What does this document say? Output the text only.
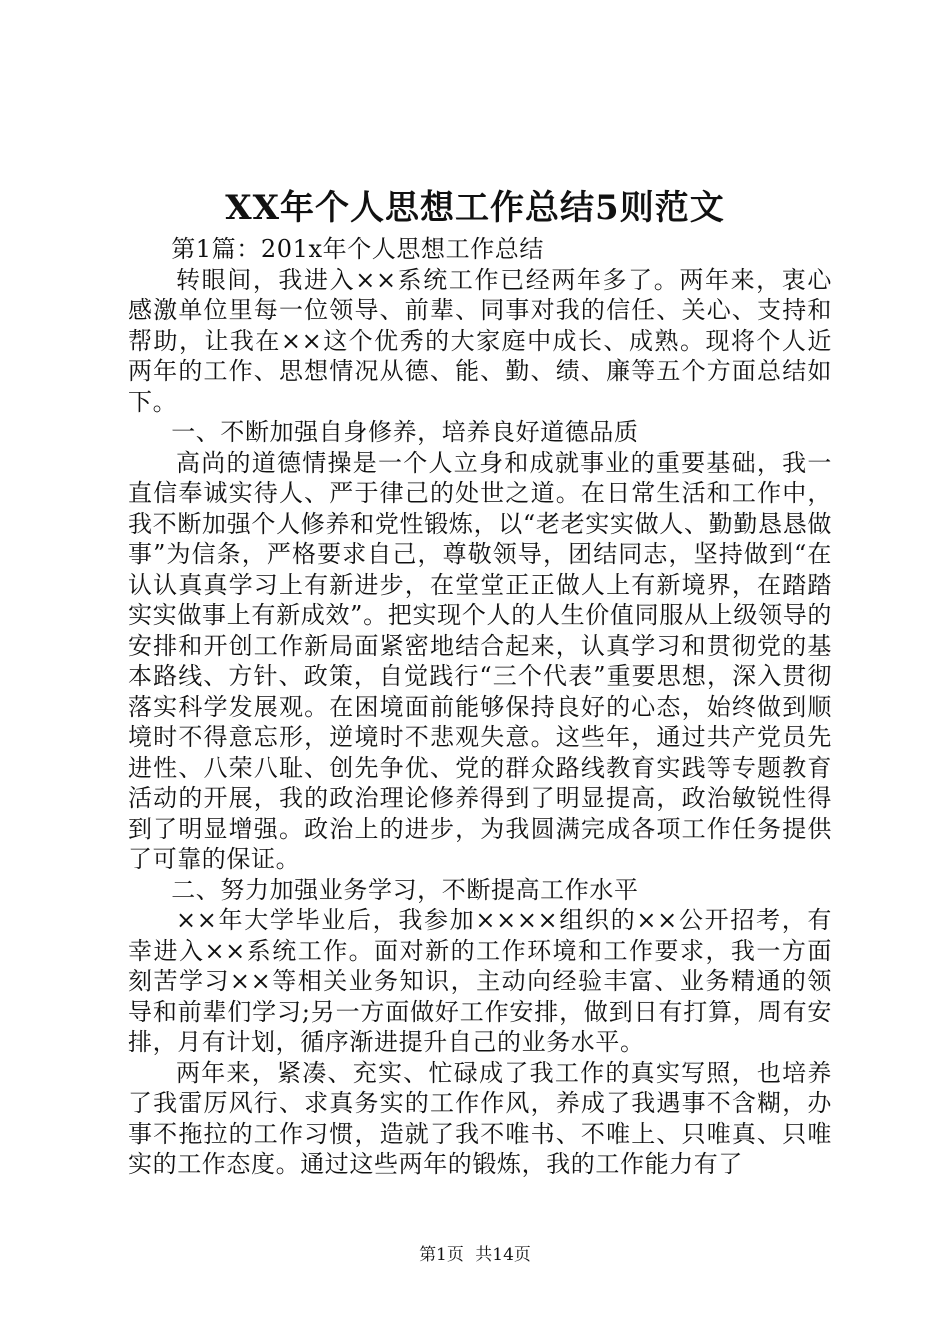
XX年个人思想工作总结5则范文

第1篇：201x年个人思想工作总结

转眼间，我进入××系统工作已经两年多了。两年来，衷心感激单位里每一位领导、前辈、同事对我的信任、关心、支持和帮助，让我在××这个优秀的大家庭中成长、成熟。现将个人近两年的工作、思想情况从德、能、勤、绩、廉等五个方面总结如下。

一、不断加强自身修养，培养良好道德品质

高尚的道德情操是一个人立身和成就事业的重要基础，我一直信奉诚实待人、严于律己的处世之道。在日常生活和工作中，我不断加强个人修养和党性锻炼，以“老老实实做人、勤勤恳恳做事”为信条，严格要求自己，尊敬领导，团结同志，坚持做到“在认认真真学习上有新进步，在堂堂正正做人上有新境界，在踏踏实实做事上有新成效”。把实现个人的人生价值同服从上级领导的安排和开创工作新局面紧密地结合起来，认真学习和贯彻党的基本路线、方针、政策，自觉践行“三个代表”重要思想，深入贯彻落实科学发展观。在困境面前能够保持良好的心态，始终做到顺境时不得意忘形，逆境时不悲观失意。这些年，通过共产党员先进性、八荣八耻、创先争优、党的群众路线教育实践等专题教育活动的开展，我的政治理论修养得到了明显提高，政治敏锐性得到了明显增强。政治上的进步，为我圆满完成各项工作任务提供了可靠的保证。

二、努力加强业务学习，不断提高工作水平

××年大学毕业后，我参加××××组织的××公开招考，有幸进入××系统工作。面对新的工作环境和工作要求，我一方面刻苦学习××等相关业务知识，主动向经验丰富、业务精通的领导和前辈们学习;另一方面做好工作安排，做到日有打算，周有安排，月有计划，循序渐进提升自己的业务水平。

两年来，紧凑、充实、忙碌成了我工作的真实写照，也培养了我雷厉风行、求真务实的工作作风，养成了我遇事不含糊，办事不拖拉的工作习惯，造就了我不唯书、不唯上、只唯真、只唯实的工作态度。通过这些两年的锻炼，我的工作能力有了

第1页 共14页
